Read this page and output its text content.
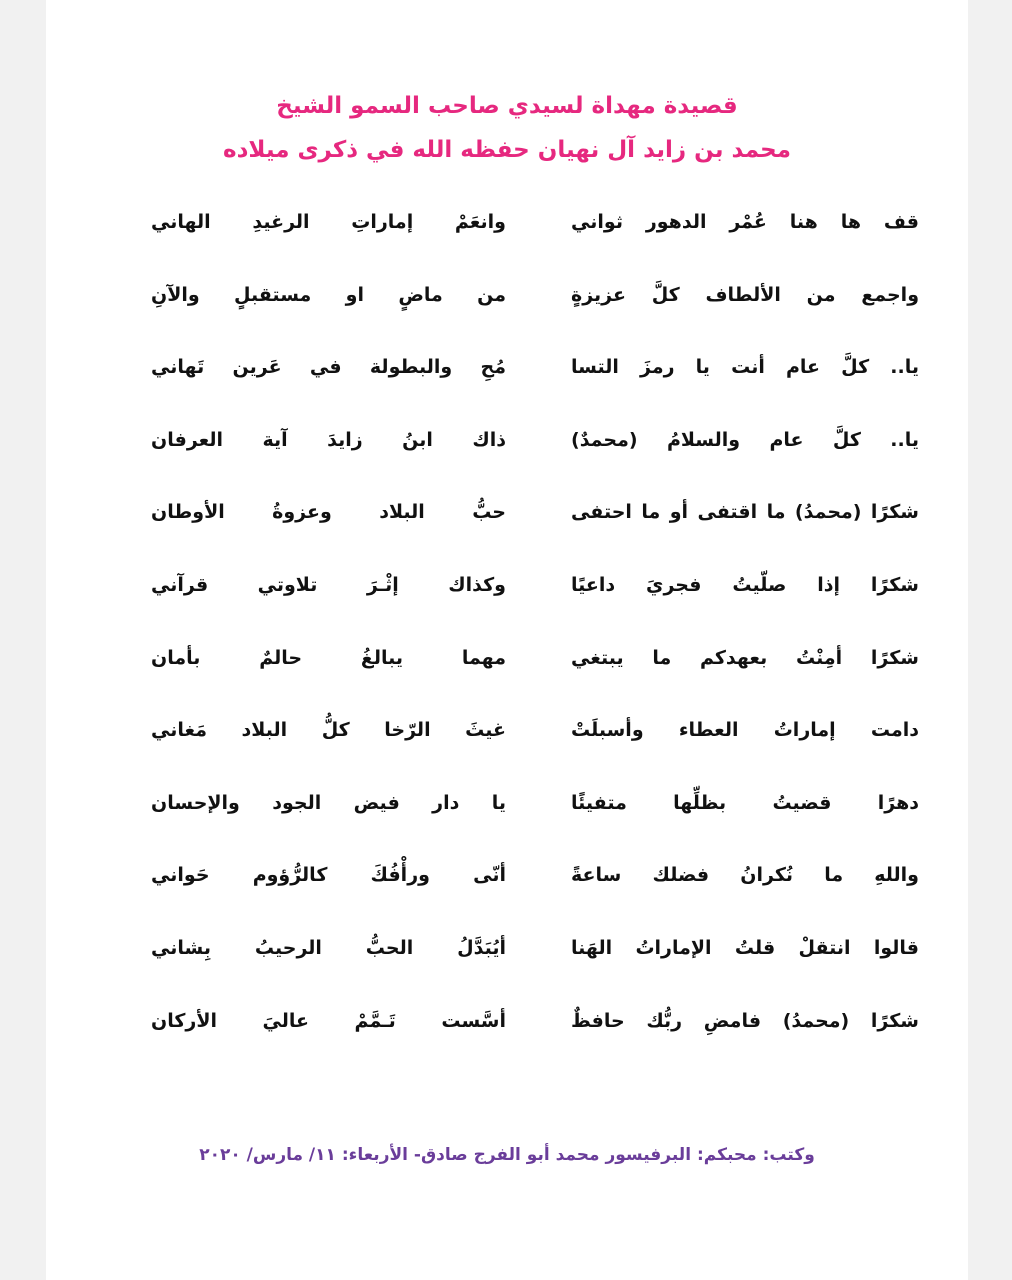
قصيدة مهداة لسيدي صاحب السمو الشيخ
محمد بن زايد آل نهيان حفظه الله في ذكرى ميلاده
قف
ها
هنا
عُمْر
الدهور
ثواني
وانعَمْ
إماراتِ
الرغيدِ
الهاني
واجمع
من
الألطاف
كلَّ
عزيزةٍ
من
ماضٍ
او
مستقبلٍ
والآنِ
يا..
كلَّ
عام
أنت
يا
رمزَ
التسا
مُحِ
والبطولة
في
عَرين
تَهاني
يا..
كلَّ
عام
والسلامُ
(محمدٌ)
ذاك
ابنُ
زايدَ
آية
العرفان
شكرًا
(محمدُ)
ما
اقتفى
أو
ما
احتفى
حبُّ
البلاد
وعزوةُ
الأوطان
شكرًا
إذا
صلّيتُ
فجريَ
داعيًا
وكذاك
إثْـرَ
تلاوتي
قرآني
شكرًا
أمِنْتُ
بعهدكم
ما
يبتغي
مهما
يبالغُ
حالمٌ
بأمان
دامت
إماراتُ
العطاء
وأسبلَتْ
غيثَ
الرّخا
كلُّ
البلاد
مَغاني
دهرًا
قضيتُ
بظلِّها
متفيئًا
يا
دار
فيض
الجود
والإحسان
واللهِ
ما
نُكرانُ
فضلك
ساعةً
أنّى
ورأْفُكَ
كالرُّؤوم
حَواني
قالوا
انتقلْ
قلتُ
الإماراتُ
الهَنا
أيُبَدَّلُ
الحبُّ
الرحيبُ
بِشاني
شكرًا
(محمدُ)
فامضِ
ربُّك
حافظٌ
أسَّست
تَـمَّمْ
عاليَ
الأركان
وكتب: محبكم: البرفيسور محمد أبو الفرج صادق- الأربعاء: ١١/ مارس/ ٢٠٢٠
